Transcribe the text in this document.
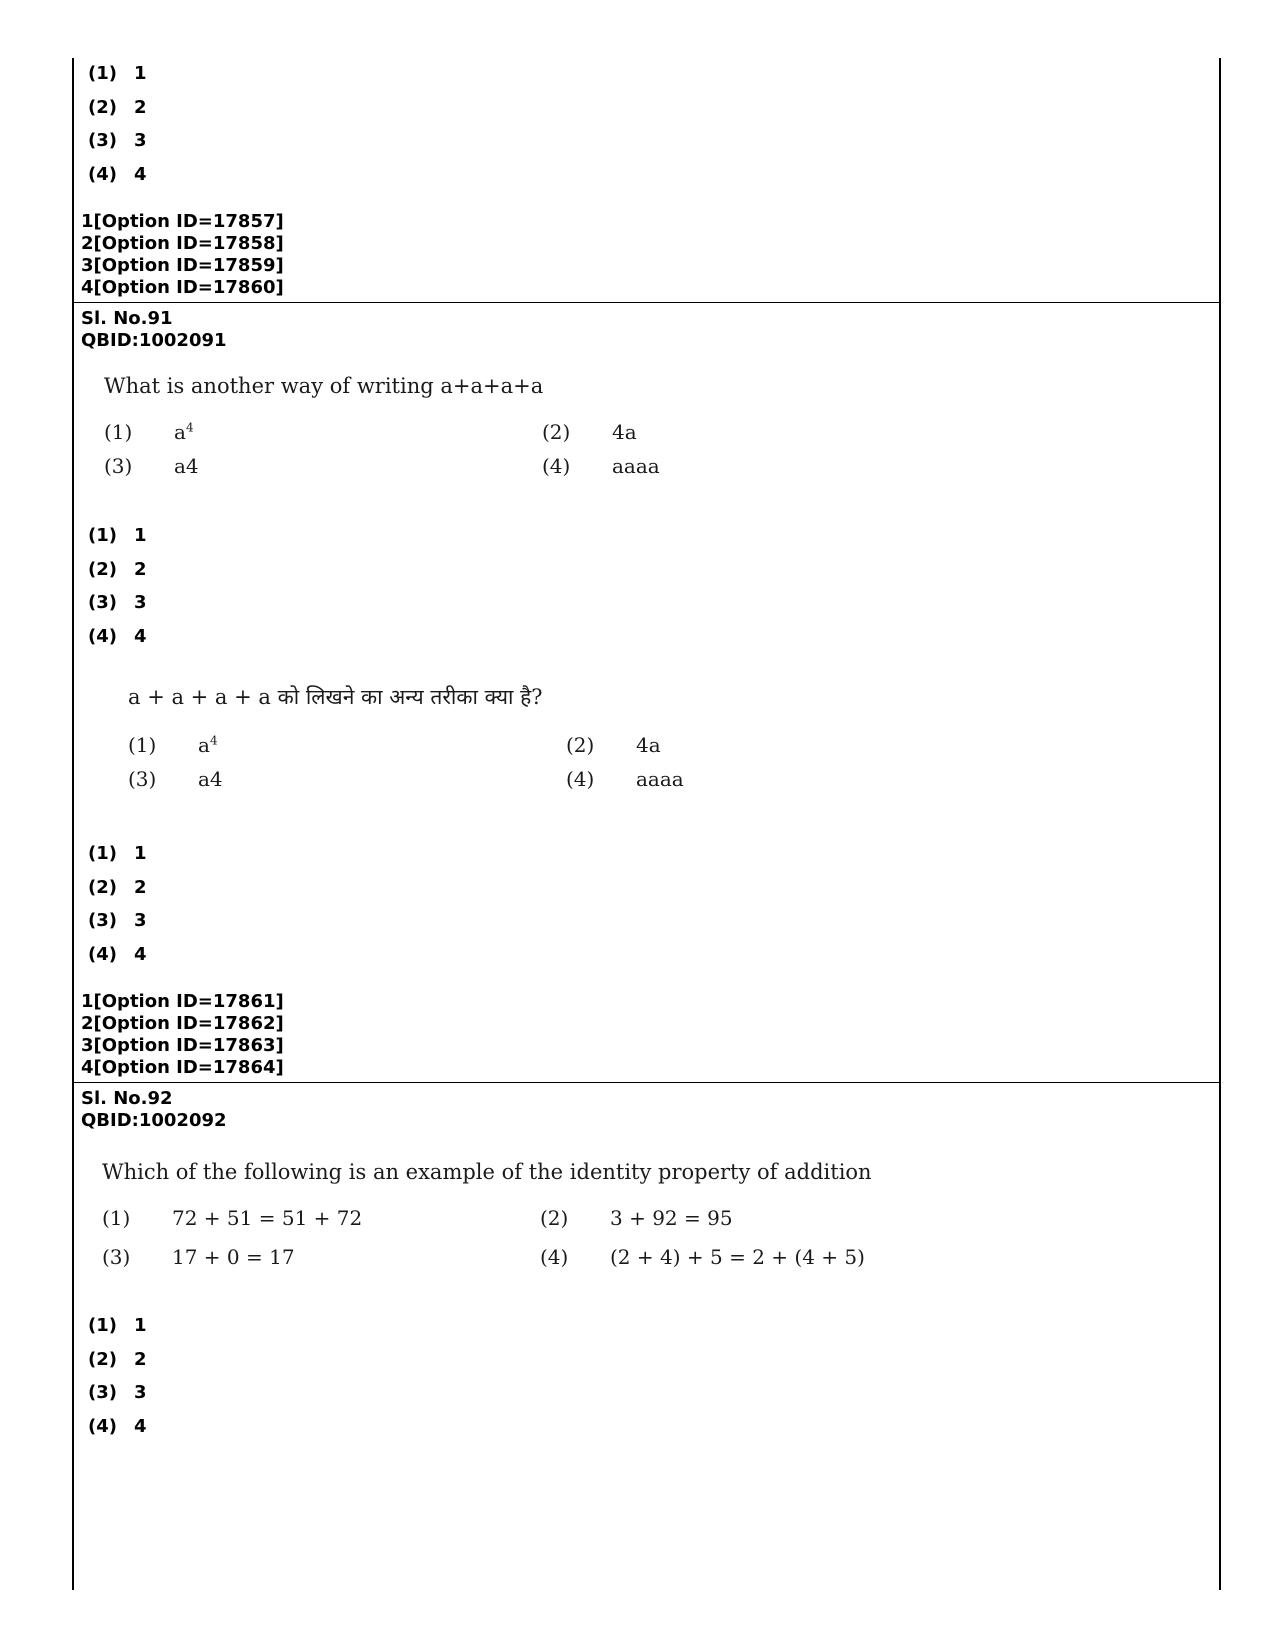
(1) 1
(2) 2
(3) 3
(4) 4
1[Option ID=17857]
2[Option ID=17858]
3[Option ID=17859]
4[Option ID=17860]
Sl. No.91
QBID:1002091
What is another way of writing a+a+a+a
(1) $a^4$	(2) 4a
(3) a4	(4) aaaa
(1) 1
(2) 2
(3) 3
(4) 4
a + a + a + a को लिखने का अन्य तरीका क्या है?
(1) $a^4$	(2) 4a
(3) a4	(4) aaaa
(1) 1
(2) 2
(3) 3
(4) 4
1[Option ID=17861]
2[Option ID=17862]
3[Option ID=17863]
4[Option ID=17864]
Sl. No.92
QBID:1002092
Which of the following is an example of the identity property of addition
(1) 72 + 51 = 51 + 72	(2) 3 + 92 = 95
(3) 17 + 0 = 17	(4) (2 + 4) + 5 = 2 + (4 + 5)
(1) 1
(2) 2
(3) 3
(4) 4
